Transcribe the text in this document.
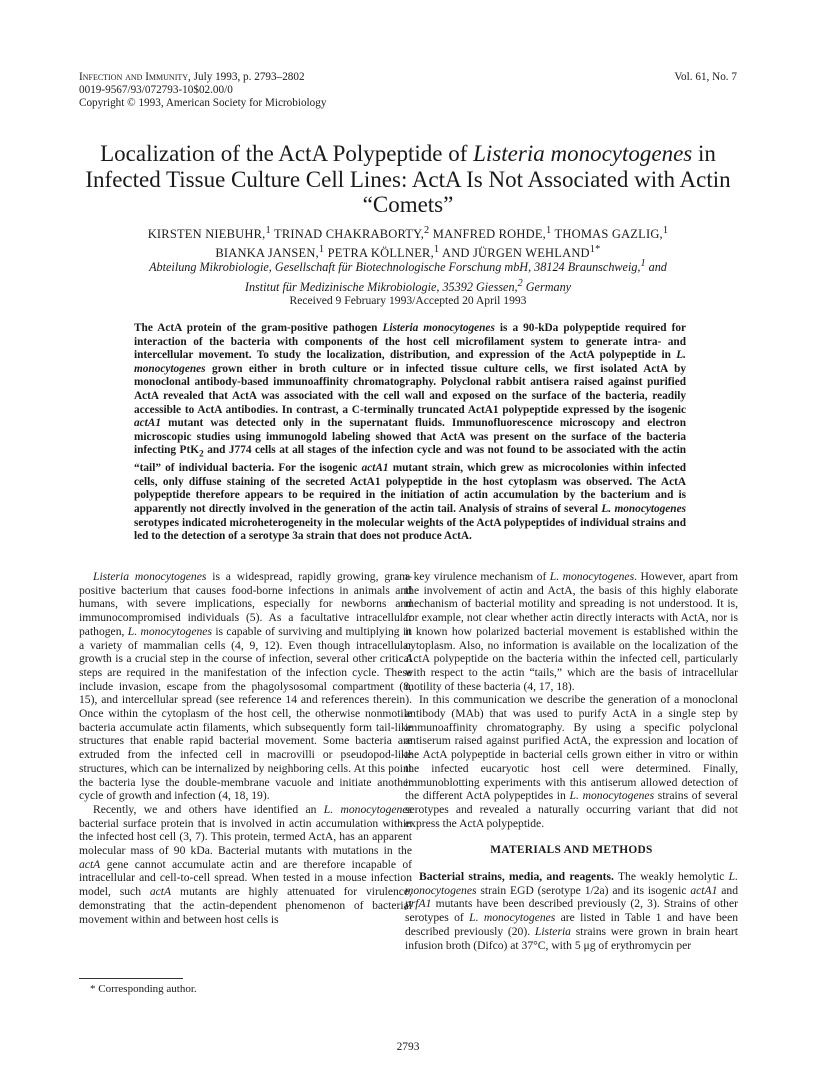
Infection and Immunity, July 1993, p. 2793–2802
0019-9567/93/072793-10$02.00/0
Copyright © 1993, American Society for Microbiology
Vol. 61, No. 7
Localization of the ActA Polypeptide of Listeria monocytogenes in Infected Tissue Culture Cell Lines: ActA Is Not Associated with Actin “Comets”
KIRSTEN NIEBUHR,$^1$ TRINAD CHAKRABORTY,$^2$ MANFRED ROHDE,$^1$ THOMAS GAZLIG,$^1$
BIANKA JANSEN,$^1$ PETRA KÖLLNER,$^1$ AND JÜRGEN $WEHLAND^{1*}$
Abteilung Mikrobiologie, Gesellschaft für Biotechnologische Forschung mbH, 38124 Braunschweig,$^1$ and
Institut für Medizinische Mikrobiologie, 35392 Giessen,$^2$ Germany
Received 9 February 1993/Accepted 20 April 1993
The ActA protein of the gram-positive pathogen Listeria monocytogenes is a 90-kDa polypeptide required for interaction of the bacteria with components of the host cell microfilament system to generate intra- and intercellular movement. To study the localization, distribution, and expression of the ActA polypeptide in L. monocytogenes grown either in broth culture or in infected tissue culture cells, we first isolated ActA by monoclonal antibody-based immunoaffinity chromatography. Polyclonal rabbit antisera raised against purified ActA revealed that ActA was associated with the cell wall and exposed on the surface of the bacteria, readily accessible to ActA antibodies. In contrast, a C-terminally truncated ActA1 polypeptide expressed by the isogenic actA1 mutant was detected only in the supernatant fluids. Immunofluorescence microscopy and electron microscopic studies using immunogold labeling showed that ActA was present on the surface of the bacteria infecting PtK$_2$ and J774 cells at all stages of the infection cycle and was not found to be associated with the actin “tail” of individual bacteria. For the isogenic actA1 mutant strain, which grew as microcolonies within infected cells, only diffuse staining of the secreted ActA1 polypeptide in the host cytoplasm was observed. The ActA polypeptide therefore appears to be required in the initiation of actin accumulation by the bacterium and is apparently not directly involved in the generation of the actin tail. Analysis of strains of several L. monocytogenes serotypes indicated microheterogeneity in the molecular weights of the ActA polypeptides of individual strains and led to the detection of a serotype 3a strain that does not produce ActA.

Listeria monocytogenes is a widespread, rapidly growing, gram-positive bacterium that causes food-borne infections in animals and humans, with severe implications, especially for newborns and immunocompromised individuals (5). As a facultative intracellular pathogen, L. monocytogenes is capable of surviving and multiplying in a variety of mammalian cells (4, 9, 12). Even though intracellular growth is a crucial step in the course of infection, several other critical steps are required in the manifestation of the infection cycle. These include invasion, escape from the phagolysosomal compartment (8, 15), and intercellular spread (see reference 14 and references therein). Once within the cytoplasm of the host cell, the otherwise nonmotile bacteria accumulate actin filaments, which subsequently form tail-like structures that enable rapid bacterial movement. Some bacteria are extruded from the infected cell in macrovilli or pseudopod-like structures, which can be internalized by neighboring cells. At this point the bacteria lyse the double-membrane vacuole and initiate another cycle of growth and infection (4, 18, 19).

Recently, we and others have identified an L. monocytogenes bacterial surface protein that is involved in actin accumulation within the infected host cell (3, 7). This protein, termed ActA, has an apparent molecular mass of 90 kDa. Bacterial mutants with mutations in the actA gene cannot accumulate actin and are therefore incapable of intracellular and cell-to-cell spread. When tested in a mouse infection model, such actA mutants are highly attenuated for virulence, demonstrating that the actin-dependent phenomenon of bacterial movement within and between host cells is

a key virulence mechanism of L. monocytogenes. However, apart from the involvement of actin and ActA, the basis of this highly elaborate mechanism of bacterial motility and spreading is not understood. It is, for example, not clear whether actin directly interacts with ActA, nor is it known how polarized bacterial movement is established within the cytoplasm. Also, no information is available on the localization of the ActA polypeptide on the bacteria within the infected cell, particularly with respect to the actin “tails,” which are the basis of intracellular motility of these bacteria (4, 17, 18).

In this communication we describe the generation of a monoclonal antibody (MAb) that was used to purify ActA in a single step by immunoaffinity chromatography. By using a specific polyclonal antiserum raised against purified ActA, the expression and location of the ActA polypeptide in bacterial cells grown either in vitro or within the infected eucaryotic host cell were determined. Finally, immunoblotting experiments with this antiserum allowed detection of the different ActA polypeptides in L. monocytogenes strains of several serotypes and revealed a naturally occurring variant that did not express the ActA polypeptide.

MATERIALS AND METHODS

Bacterial strains, media, and reagents. The weakly hemolytic L. monocytogenes strain EGD (serotype 1/2a) and its isogenic actA1 and prfA1 mutants have been described previously (2, 3). Strains of other serotypes of L. monocytogenes are listed in Table 1 and have been described previously (20). Listeria strains were grown in brain heart infusion broth (Difco) at 37°C, with 5 μg of erythromycin per

* Corresponding author.
2793
